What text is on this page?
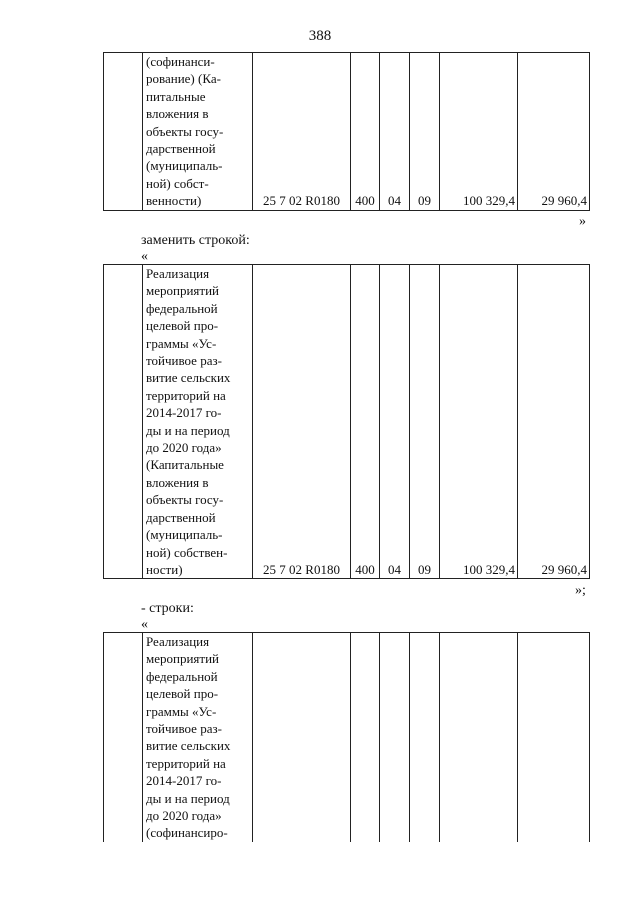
388
	(софинанси-
рование) (Ка-
питальные
вложения в
объекты госу-
дарственной
(муниципаль-
ной) собст-
венности)	25 7 02 R0180	400	04	09	100 329,4	29 960,4
»
заменить строкой:
«
	Реализация
мероприятий
федеральной
целевой про-
граммы «Ус-
тойчивое раз-
витие сельских
территорий на
2014-2017 го-
ды и на период
до 2020 года»
(Капитальные
вложения в
объекты госу-
дарственной
(муниципаль-
ной) собствен-
ности)	25 7 02 R0180	400	04	09	100 329,4	29 960,4
»;
- строки:
«
	Реализация
мероприятий
федеральной
целевой про-
граммы «Ус-
тойчивое раз-
витие сельских
территорий на
2014-2017 го-
ды и на период
до 2020 года»
(софинансиро-						
